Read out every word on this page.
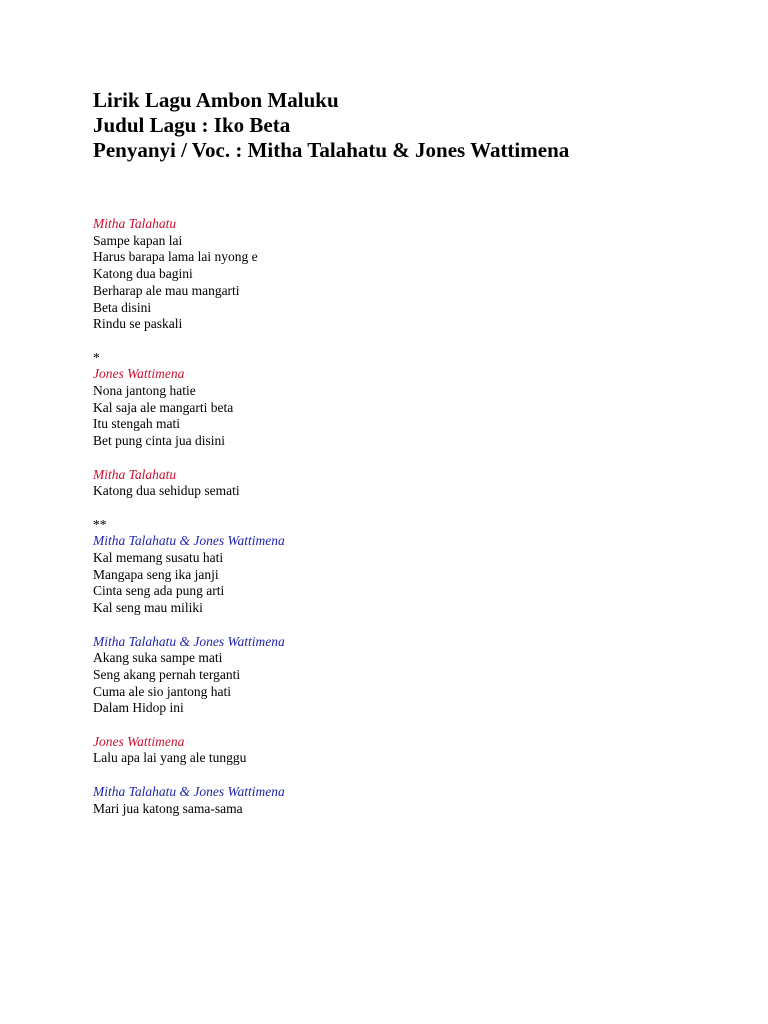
Lirik Lagu Ambon Maluku
Judul Lagu : Iko Beta
Penyanyi / Voc. : Mitha Talahatu & Jones Wattimena
Mitha Talahatu
Sampe kapan lai
Harus barapa lama lai nyong e
Katong dua bagini
Berharap ale mau mangarti
Beta disini
Rindu se paskali
*
Jones Wattimena
Nona jantong hatie
Kal saja ale mangarti beta
Itu stengah mati
Bet pung cinta jua disini
Mitha Talahatu
Katong dua sehidup semati
**
Mitha Talahatu & Jones Wattimena
Kal memang susatu hati
Mangapa seng ika janji
Cinta seng ada pung arti
Kal seng mau miliki
Mitha Talahatu & Jones Wattimena
Akang suka sampe mati
Seng akang pernah terganti
Cuma ale sio jantong hati
Dalam Hidop ini
Jones Wattimena
Lalu apa lai yang ale tunggu
Mitha Talahatu & Jones Wattimena
Mari jua katong sama-sama
